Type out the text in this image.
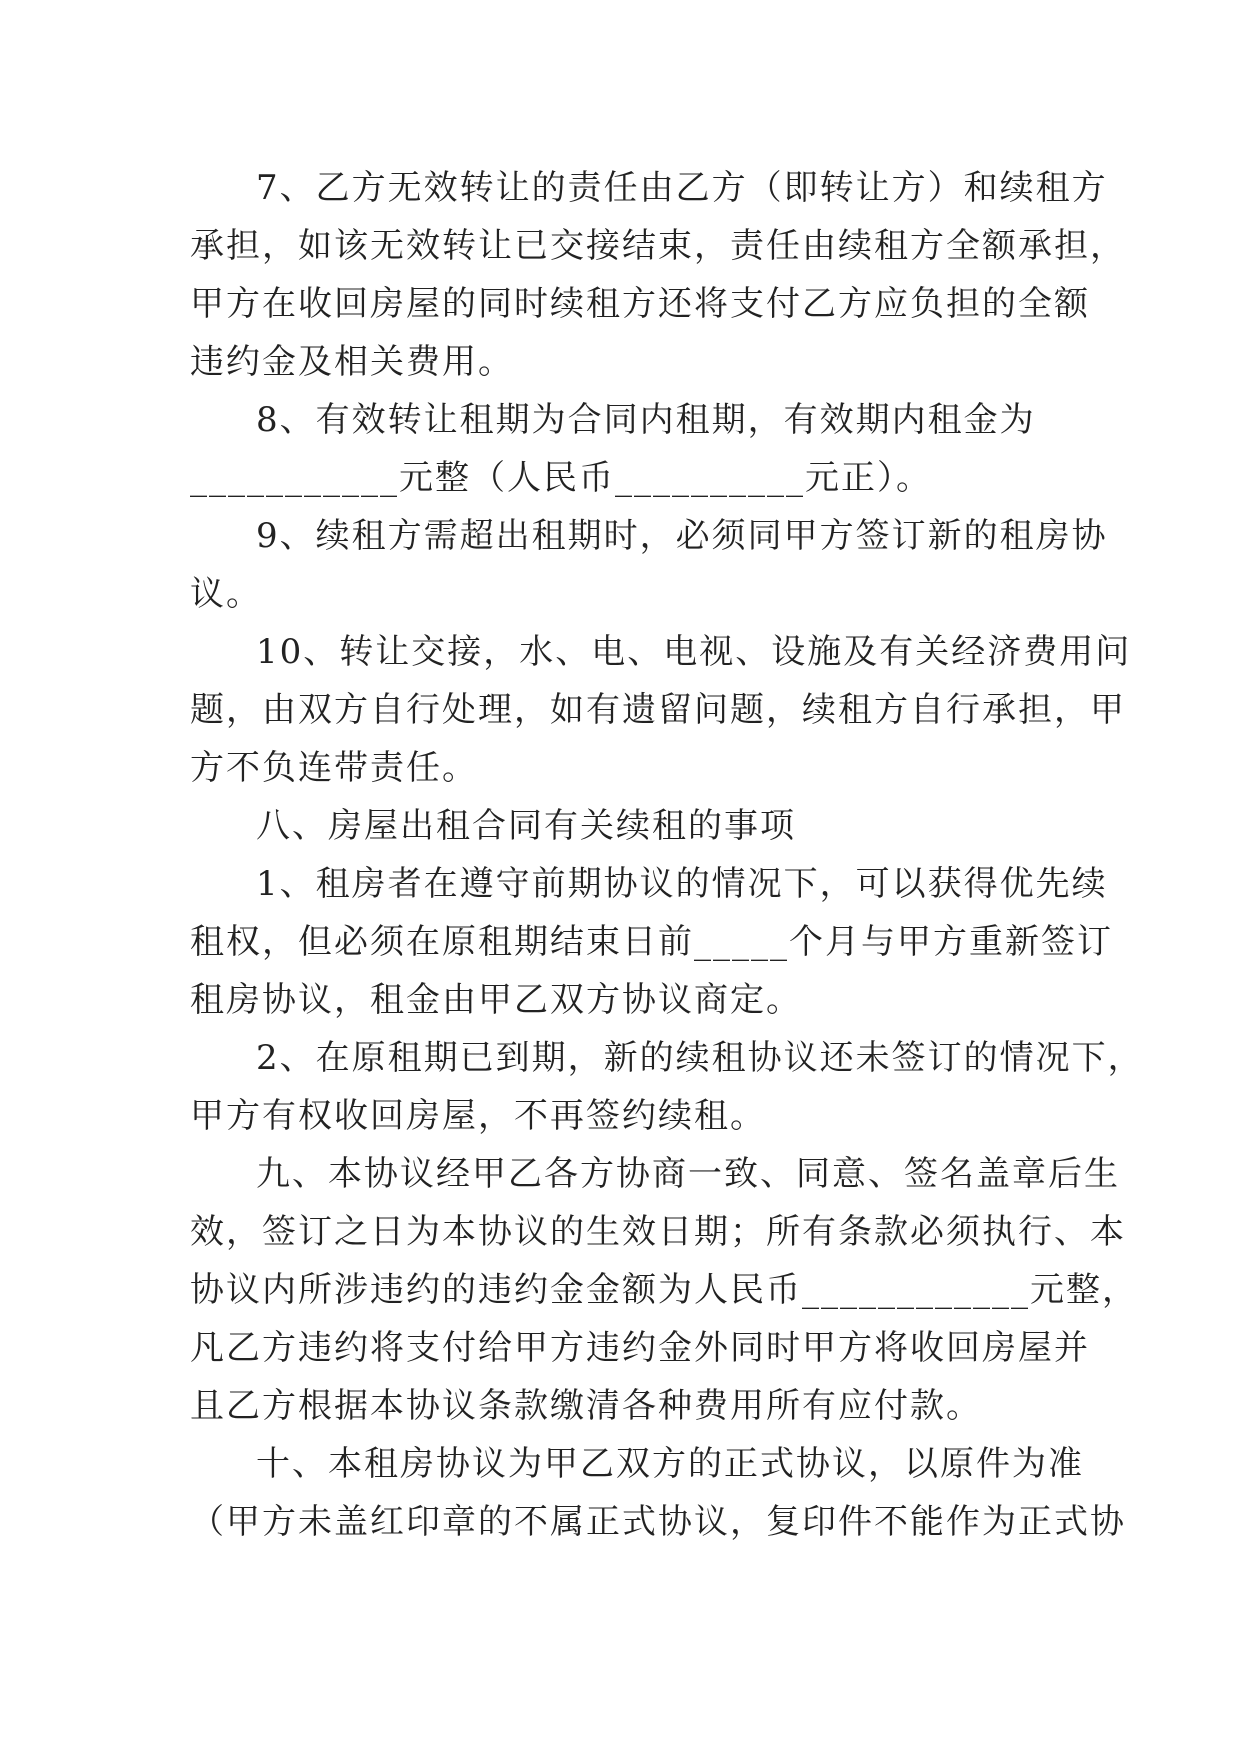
7、乙方无效转让的责任由乙方（即转让方）和续租方
承担，如该无效转让已交接结束，责任由续租方全额承担，
甲方在收回房屋的同时续租方还将支付乙方应负担的全额
违约金及相关费用。
8、有效转让租期为合同内租期，有效期内租金为
___________元整（人民币__________元正）。
9、续租方需超出租期时，必须同甲方签订新的租房协
议。
10、转让交接，水、电、电视、设施及有关经济费用问
题，由双方自行处理，如有遗留问题，续租方自行承担，甲
方不负连带责任。
八、房屋出租合同有关续租的事项
1、租房者在遵守前期协议的情况下，可以获得优先续
租权，但必须在原租期结束日前_____个月与甲方重新签订
租房协议，租金由甲乙双方协议商定。
2、在原租期已到期，新的续租协议还未签订的情况下，
甲方有权收回房屋，不再签约续租。
九、本协议经甲乙各方协商一致、同意、签名盖章后生
效，签订之日为本协议的生效日期；所有条款必须执行、本
协议内所涉违约的违约金金额为人民币____________元整，
凡乙方违约将支付给甲方违约金外同时甲方将收回房屋并
且乙方根据本协议条款缴清各种费用所有应付款。
十、本租房协议为甲乙双方的正式协议，以原件为准
（甲方未盖红印章的不属正式协议，复印件不能作为正式协
